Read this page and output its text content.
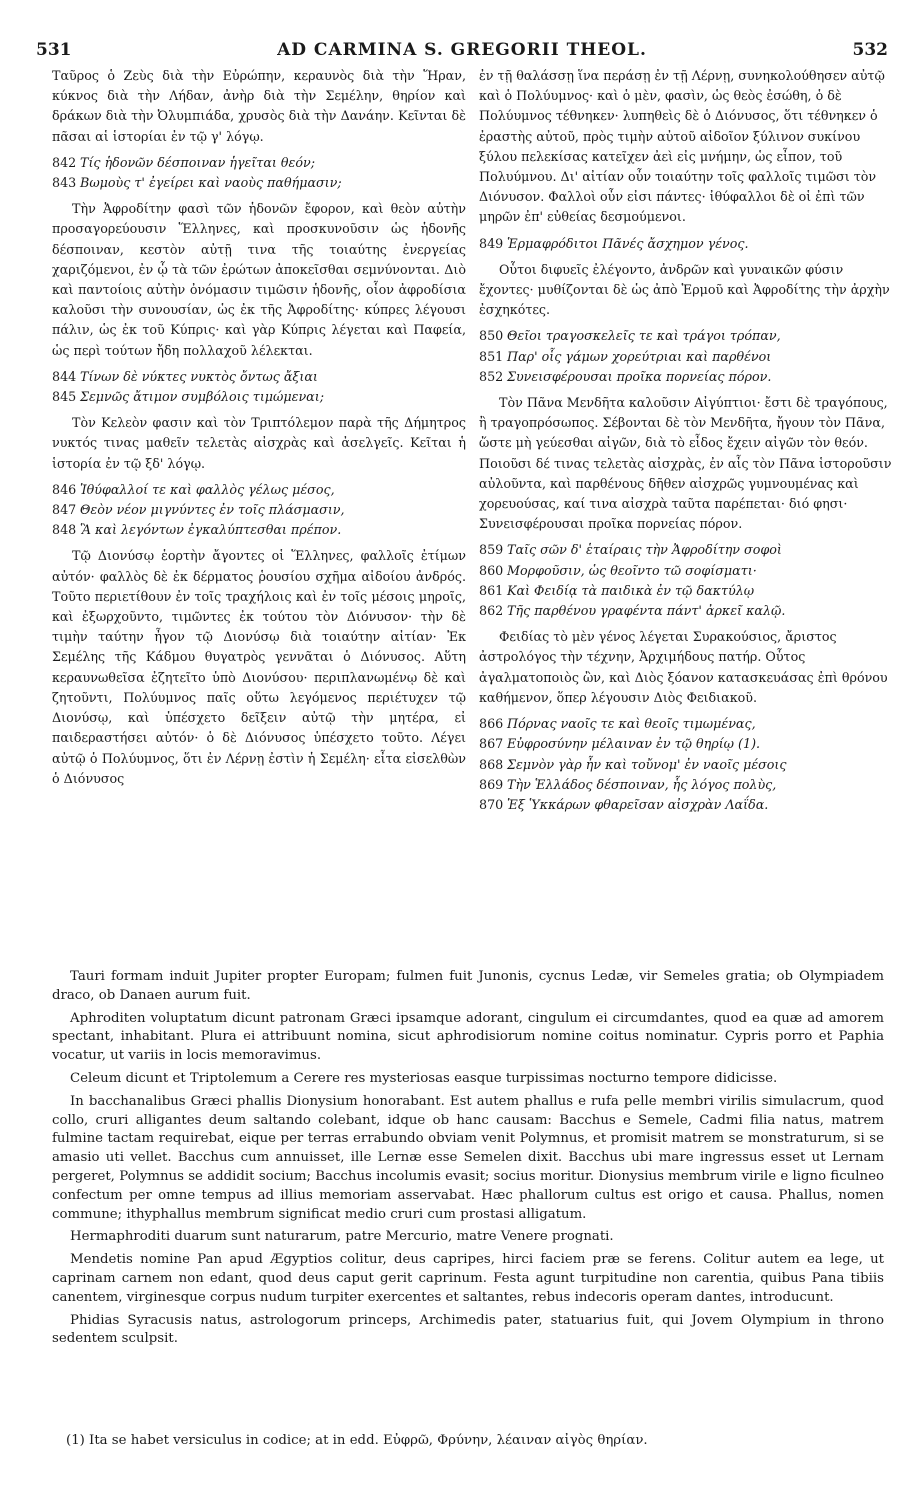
531	AD CARMINA S. GREGORII THEOL.	532

Ταῦρος ὁ Ζεὺς διὰ τὴν Εὐρώπην, κεραυνὸς διὰ τὴν Ἥραν, κύκνος διὰ τὴν Λήδαν, ἀνὴρ διὰ τὴν Σεμέλην, θηρίον καὶ δράκων διὰ τὴν Ὀλυμπιάδα, χρυσὸς διὰ τὴν Δανάην. Κεῖνται δὲ πᾶσαι αἱ ἱστορίαι ἐν τῷ γ' λόγῳ.

842 Τίς ἡδονῶν δέσποιναν ἡγεῖται θεόν;
843 Βωμοὺς τ' ἐγείρει καὶ ναοὺς παθήμασιν;

Τὴν Ἀφροδίτην φασὶ τῶν ἡδονῶν ἔφορον, καὶ θεὸν αὐτὴν προσαγορεύουσιν Ἕλληνες, καὶ προσκυνοῦσιν ὡς ἡδονῆς δέσποιναν, κεστὸν αὐτῇ τινα τῆς τοιαύτης ἐνεργείας χαριζόμενοι, ἐν ᾧ τὰ τῶν ἐρώτων ἀποκεῖσθαι σεμνύνονται. Διὸ καὶ παντοίοις αὐτὴν ὀνόμασιν τιμῶσιν ἡδονῆς, οἷον ἀφροδίσια καλοῦσι τὴν συνουσίαν, ὡς ἐκ τῆς Ἀφροδίτης· κύπρες λέγουσι πάλιν, ὡς ἐκ τοῦ Κύπρις· καὶ γὰρ Κύπρις λέγεται καὶ Παφεία, ὡς περὶ τούτων ἤδη πολλαχοῦ λέλεκται.

844 Τίνων δὲ νύκτες νυκτὸς ὄντως ἄξιαι
845 Σεμνῶς ἄτιμον συμβόλοις τιμώμεναι;

Τὸν Κελεὸν φασιν καὶ τὸν Τριπτόλεμον παρὰ τῆς Δήμητρος νυκτός τινας μαθεῖν τελετὰς αἰσχρὰς καὶ ἀσελγεῖς. Κεῖται ἡ ἱστορία ἐν τῷ ξδ' λόγῳ.

846 Ἰθύφαλλοί τε καὶ φαλλὸς γέλως μέσος,
847 Θεὸν νέον μιγνύντες ἐν τοῖς πλάσμασιν,
848 Ἃ καὶ λεγόντων ἐγκαλύπτεσθαι πρέπον.

Τῷ Διονύσῳ ἑορτὴν ἄγοντες οἱ Ἕλληνες, φαλλοῖς ἐτίμων αὐτόν· φαλλὸς δὲ ἐκ δέρματος ῥουσίου σχῆμα αἰδοίου ἀνδρός. Τοῦτο περιετίθουν ἐν τοῖς τραχήλοις καὶ ἐν τοῖς μέσοις μηροῖς, καὶ ἐξωρχοῦντο, τιμῶντες ἐκ τούτου τὸν Διόνυσον· τὴν δὲ τιμὴν ταύτην ἦγον τῷ Διονύσῳ διὰ τοιαύτην αἰτίαν· Ἐκ Σεμέλης τῆς Κάδμου θυγατρὸς γεννᾶται ὁ Διόνυσος. Αὕτη κεραυνωθεῖσα ἐζητεῖτο ὑπὸ Διονύσου· περιπλανωμένῳ δὲ καὶ ζητοῦντι, Πολύυμνος παῖς οὕτω λεγόμενος περιέτυχεν τῷ Διονύσῳ, καὶ ὑπέσχετο δεῖξειν αὐτῷ τὴν μητέρα, εἰ παιδεραστήσει αὐτόν· ὁ δὲ Διόνυσος ὑπέσχετο τοῦτο. Λέγει αὐτῷ ὁ Πολύυμνος, ὅτι ἐν Λέρνῃ ἐστὶν ἡ Σεμέλη· εἶτα εἰσελθὼν ὁ Διόνυσος

ἐν τῇ θαλάσσῃ ἵνα περάσῃ ἐν τῇ Λέρνῃ, συνηκολούθησεν αὐτῷ καὶ ὁ Πολύυμνος· καὶ ὁ μὲν, φασὶν, ὡς θεὸς ἐσώθη, ὁ δὲ Πολύυμνος τέθνηκεν· λυπηθεὶς δὲ ὁ Διόνυσος, ὅτι τέθνηκεν ὁ ἐραστὴς αὐτοῦ, πρὸς τιμὴν αὐτοῦ αἰδοῖον ξύλινον συκίνου ξύλου πελεκίσας κατεῖχεν ἀεὶ εἰς μνήμην, ὡς εἶπον, τοῦ Πολυύμνου. Δι' αἰτίαν οὖν τοιαύτην τοῖς φαλλοῖς τιμῶσι τὸν Διόνυσον. Φαλλοὶ οὖν εἰσι πάντες· ἰθύφαλλοι δὲ οἱ ἐπὶ τῶν μηρῶν ἐπ' εὐθείας δεσμούμενοι.

849 Ἑρμαφρόδιτοι Πᾶνές ἄσχημον γένος.

Οὗτοι διφυεῖς ἐλέγοντο, ἀνδρῶν καὶ γυναικῶν φύσιν ἔχοντες· μυθίζονται δὲ ὡς ἀπὸ Ἑρμοῦ καὶ Ἀφροδίτης τὴν ἀρχὴν ἐσχηκότες.

850 Θεῖοι τραγοσκελεῖς τε καὶ τράγοι τρόπαν,
851 Παρ' οἷς γάμων χορεύτριαι καὶ παρθένοι
852 Συνεισφέρουσαι προῖκα πορνείας πόρον.

Τὸν Πᾶνα Μενδῆτα καλοῦσιν Αἰγύπτιοι· ἔστι δὲ τραγόπους, ἢ τραγοπρόσωπος. Σέβονται δὲ τὸν Μενδῆτα, ἤγουν τὸν Πᾶνα, ὥστε μὴ γεύεσθαι αἰγῶν, διὰ τὸ εἶδος ἔχειν αἰγῶν τὸν θεόν. Ποιοῦσι δέ τινας τελετὰς αἰσχρὰς, ἐν αἷς τὸν Πᾶνα ἱστοροῦσιν αὐλοῦντα, καὶ παρθένους δῆθεν αἰσχρῶς γυμνουμένας καὶ χορευούσας, καί τινα αἰσχρὰ ταῦτα παρέπεται· διό φησι· Συνεισφέρουσαι προῖκα πορνείας πόρον.

859 Ταῖς σῶν δ' ἑταίραις τὴν Ἀφροδίτην σοφοὶ
860 Μορφοῦσιν, ὡς θεοῖντο τῶ σοφίσματι·
861 Καὶ Φειδίᾳ τὰ παιδικὰ ἐν τῷ δακτύλῳ
862 Τῆς παρθένου γραφέντα πάντ' ἀρκεῖ καλῷ.

Φειδίας τὸ μὲν γένος λέγεται Συρακούσιος, ἄριστος ἀστρολόγος τὴν τέχνην, Ἀρχιμήδους πατήρ. Οὗτος ἀγαλματοποιὸς ὢν, καὶ Διὸς ξόανον κατασκευάσας ἐπὶ θρόνου καθήμενον, ὅπερ λέγουσιν Διὸς Φειδιακοῦ.

866 Πόρνας ναοῖς τε καὶ θεοῖς τιμωμένας,
867 Εὐφροσύνην μέλαιναν ἐν τῷ θηρίῳ (1).
868 Σεμνὸν γὰρ ἦν καὶ τοὔνομ' ἐν ναοῖς μέσοις
869 Τὴν Ἑλλάδος δέσποιναν, ἧς λόγος πολὺς,
870 Ἐξ Ὑκκάρων φθαρεῖσαν αἰσχρὰν Λαΐδα.

Tauri formam induit Jupiter propter Europam; fulmen fuit Junonis, cycnus Ledæ, vir Semeles gratia; ob Olympiadem draco, ob Danaen aurum fuit.

Aphroditen voluptatum dicunt patronam Græci ipsamque adorant, cingulum ei circumdantes, quod ea quæ ad amorem spectant, inhabitant. Plura ei attribuunt nomina, sicut aphrodisiorum nomine coitus nominatur. Cypris porro et Paphia vocatur, ut variis in locis memoravimus.

Celeum dicunt et Triptolemum a Cerere res mysteriosas easque turpissimas nocturno tempore didicisse.

In bacchanalibus Græci phallis Dionysium honorabant. Est autem phallus e rufa pelle membri virilis simulacrum, quod collo, cruri alligantes deum saltando colebant, idque ob hanc causam: Bacchus e Semele, Cadmi filia natus, matrem fulmine tactam requirebat, eique per terras errabundo obviam venit Polymnus, et promisit matrem se monstraturum, si se amasio uti vellet. Bacchus cum annuisset, ille Lernæ esse Semelen dixit. Bacchus ubi mare ingressus esset ut Lernam pergeret, Polymnus se addidit socium; Bacchus incolumis evasit; socius moritur. Dionysius membrum virile e ligno ficulneo confectum per omne tempus ad illius memoriam asservabat. Hæc phallorum cultus est origo et causa. Phallus, nomen commune; ithyphallus membrum significat medio cruri cum prostasi alligatum.

Hermaphroditi duarum sunt naturarum, patre Mercurio, matre Venere prognati.

Mendetis nomine Pan apud Ægyptios colitur, deus capripes, hirci faciem præ se ferens. Colitur autem ea lege, ut caprinam carnem non edant, quod deus caput gerit caprinum. Festa agunt turpitudine non carentia, quibus Pana tibiis canentem, virginesque corpus nudum turpiter exercentes et saltantes, rebus indecoris operam dantes, introducunt.

Phidias Syracusis natus, astrologorum princeps, Archimedis pater, statuarius fuit, qui Jovem Olympium in throno sedentem sculpsit.

(1) Ita se habet versiculus in codice; at in edd. Εὐφρῶ, Φρύνην, λέαιναν αἰγὸς θηρίαν.
